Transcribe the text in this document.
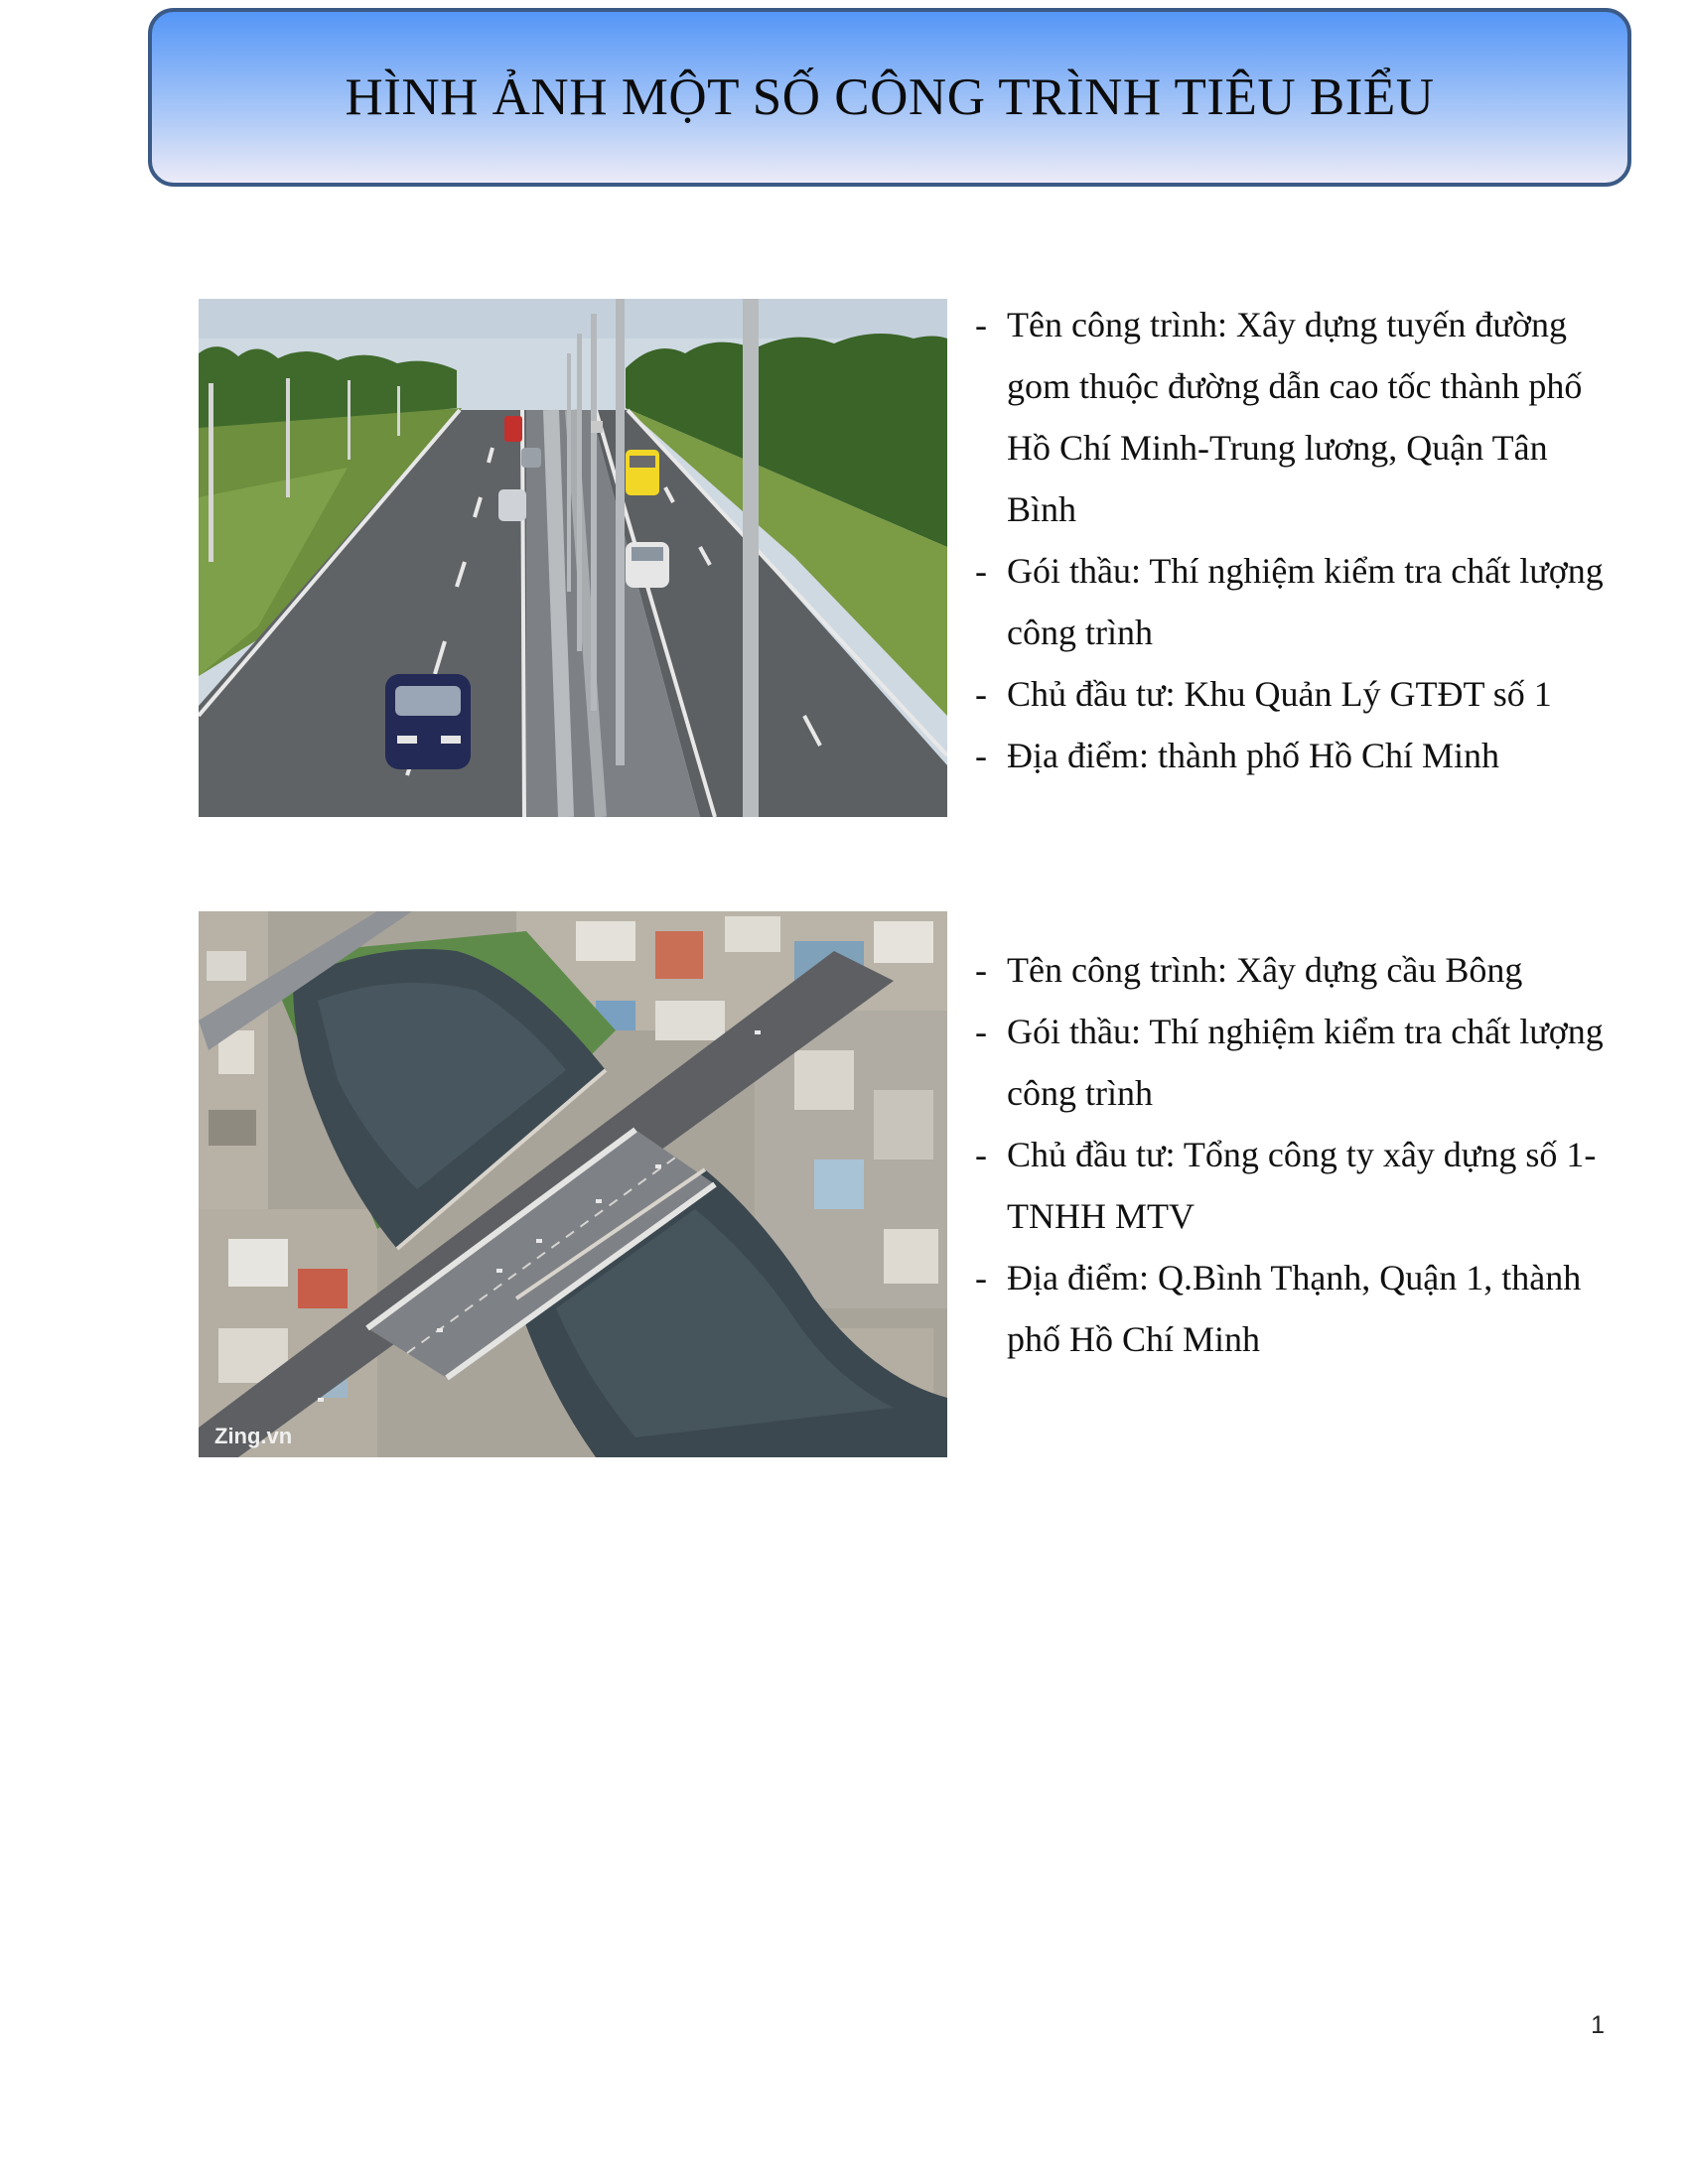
HÌNH ẢNH MỘT SỐ CÔNG TRÌNH TIÊU BIỂU
- Tên công trình: Xây dựng tuyến đường gom thuộc đường dẫn cao tốc thành phố Hồ Chí Minh-Trung lương, Quận Tân Bình
- Gói thầu: Thí nghiệm kiểm tra chất lượng công trình
- Chủ đầu tư: Khu Quản Lý GTĐT số 1
- Địa điểm: thành phố Hồ Chí Minh
Zing.vn
- Tên công trình: Xây dựng cầu Bông
- Gói thầu: Thí nghiệm kiểm tra chất lượng công trình
- Chủ đầu tư: Tổng công ty xây dựng số 1-TNHH MTV
- Địa điểm: Q.Bình Thạnh, Quận 1, thành phố Hồ Chí Minh
1
